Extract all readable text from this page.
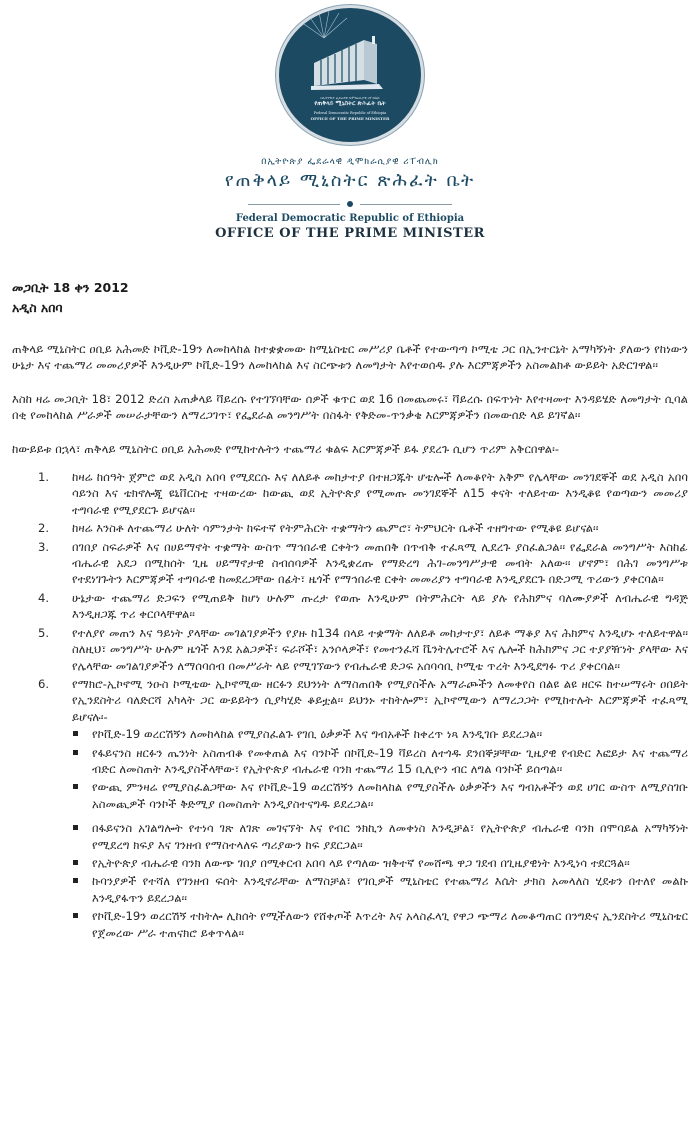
በኢትዮጵያ ፌደራላዊ ዲሞክራሲያዊ ሪፐብሊክ
የጠቅላይ ሚኒስትር ጽሕፈት ቤት
Federal Democratic Republic of Ethiopia
OFFICE OF THE PRIME MINISTER
በኢትዮጵያ ፌደራላዊ ዲሞክራሲያዊ ሪፐብሊክ
የጠቅላይ ሚኒስትር ጽሕፈት ቤት
Federal Democratic Republic of Ethiopia
OFFICE OF THE PRIME MINISTER
መጋቢት 18 ቀን 2012
አዲስ አበባ

ጠቅላይ ሚኒስትር ዐቢይ አሕመድ ኮቪድ-19ን ለመከላከል ከተቋቋመው ከሚኒስቴር መሥሪያ ቤቶች የተውጣጣ ኮሚቴ ጋር በኢንተርኔት አማካኝነት ያለውን የከነውን ሁኔታ እና ተጨማሪ መመሪያዎች እንዲሁም ኮቪድ-19ን ለመከላከል እና ስርጭቱን ለመግታት እየተወሰዱ ያሉ እርምጃዎችን አስመልክቶ ውይይት አድርገዋል፡፡

እስከ ዛሬ መጋቢት 18፣ 2012 ድረስ አጠቃላይ ቫይረሱ የተገኘባቸው ሰዎች ቁጥር ወደ 16 በመጨመሩ፣ ቫይረሱ በፍጥነት እየተዛመተ እንዳይሄድ ለመግታት ሲባል በቂ የመከላከል ሥራዎች መሠራታቸውን ለማረጋገጥ፣ የፌደራል መንግሥት በስፋት የቅድመ-ጥንቃቄ እርምጃዎችን በመውሰድ ላይ ይገኛል፡፡

ከውይይቱ በኋላ፣ ጠቅላይ ሚኒስትር ዐቢይ አሕመድ የሚከተሉትን ተጨማሪ ቁልፍ እርምጃዎች ይፋ ያደረጉ ሲሆን ጥሪም አቅርበዋል፡-

ከዛሬ ከሰዓት ጀምሮ ወደ አዲስ አበባ የሚደርሱ እና ለለይቶ መከታተያ በተዘጋጁት ሆቴሎች ለመቆየት አቅም የሌላቸው መንገደኞች ወደ አዲስ አበባ ሳይንስ እና ቴክኖሎጂ ዩኒቨርስቲ ተዛውረው ከውጪ ወደ ኢትዮጵያ የሚመጡ መንገደኞች ለ15 ቀናት ተለይተው እንዲቆዩ የወጣውን መመሪያ ተግባራዊ የሚያደርጉ ይሆናል፡፡
ከዛሬ እንስቶ ለተጨማሪ ሁለት ሳምንታት ከፍተኛ የትምሕርት ተቋማትን ጨምሮ፣ ትምህርት ቤቶች ተዘግተው የሚቆዩ ይሆናል፡፡
በገበያ ስፍራዎች እና በሀይማኖት ተቋማት ውስጥ ማኅበራዊ ርቀትን መጠበቅ በጥብቅ ተፈጻሚ ሊደረጉ ያስፈልጋል፡፡ የፌደራል መንግሥት እስከፊ ብሔራዊ አደጋ በሚከሰት ጊዜ ሀይማኖታዊ ስብሰባዎች እንዲቋረጡ የማድረግ ሕገ-መንግሥታዊ መብት አለው፡፡ ሆኖም፣ በሕገ መንግሥቱ የተደነገጉትን እርምጃዎች ተግባራዊ ከመደረጋቸው በፊት፣ ዜጎች የማኅበራዊ ርቀት መመሪያን ተግባራዊ እንዲያደርጉ በድጋሚ ጥሪውን ያቀርባል፡፡
ሁኔታው ተጨማሪ ድጋፍን የሚጠይቅ ከሆነ ሁሉም ጡረታ የወጡ እንዲሁም በትምሕርት ላይ ያሉ የሕክምና ባለሙያዎች ለብሔራዊ ግዳጅ እንዲዘጋጁ ጥሪ ቀርቦላቸዋል፡፡
የተለያየ መጠን እና ዓይነት ያላቸው መገልገያዎችን የያዙ ከ134 በላይ ተቋማት ለለይቶ መከታተያ፣ ለይቶ ማቆያ እና ሕክምና እንዲሆኑ ተለይተዋል፡፡ ስለዚህ፣ መንግሥት ሁሉም ዜጎች እንደ አልጋዎች፣ ፍራሾች፣ አንሶላዎች፣ የመተንፈሻ ቬንትሌተሮች እና ሌሎች ከሕክምና ጋር ተያያዥነት ያላቸው እና የሌላቸው መገልገያዎችን ለማሰባሰብ በመሥራት ላይ የሚገኘውን የብሔራዊ ድጋፍ አሰባሳቢ ኮሚቴ ጥረት እንዲደግፉ ጥሪ ያቀርባል፡፡
የማክሮ-ኢኮኖሚ ንዑስ ኮሚቴው ኢኮኖሚው ዘርፉን ደህንነት ለማስጠበቅ የሚያስችሉ አማራጮችን ለመቀየስ በልዩ ልዩ ዘርፍ ከተሠማሩት ዐበይት የኢንደስትሪ ባለድርሻ አካላት ጋር ውይይትን ሲያካሂድ ቆይቷል፡፡ ይህንኑ ተከትሎም፣ ኢኮኖሚውን ለማረጋጋት የሚከተሉት እርምጃዎች ተፈጻሚ ይሆናሉ፡-
የኮቪድ-19 ወረርሽኝን ለመከላከል የሚያስፈልጉ የገቢ ዕቃዎች እና ግብአቶች ከቀረጥ ነጻ እንዲገቡ ይደረጋል፡፡
የፋይናንስ ዘርፉን ጤንነት አስጠብቆ የመቀጠል እና ባንኮች በኮቪድ-19 ቫይረስ ለተጎዱ ደንበኞቻቸው ጊዜያዊ የብድር እፎይታ እና ተጨማሪ ብድር ለመስጠት እንዲያስችላቸው፣ የኢትዮጵያ ብሔራዊ ባንክ ተጨማሪ 15 ቢሊዮን ብር ለግል ባንኮች ይሰጣል፡፡
የውጪ ምንዛሬ የሚያስፈልጋቸው እና የኮቪድ-19 ወረርሽኝን ለመከላከል የሚያስችሉ ዕቃዎችን እና ግብአቶችን ወደ ሀገር ውስጥ ለሚያስገቡ አስመጪዎች ባንኮች ቅድሚያ በመስጠት እንዲያስተናግዱ ይደረጋል፡፡
በፋይናንስ አገልግሎት የተነሳ ገጽ ለገጽ መገናኘት እና የብር ንክኪን ለመቀነስ እንዲቻል፣ የኢትዮጵያ ብሔራዊ ባንክ በሞባይል አማካኝነት የሚደረግ ክፍያ እና ገንዘብ የማስተላለፍ ጣሪያውን ከፍ ያደርጋል፡፡
የኢትዮጵያ ብሔራዊ ባንክ ለውጭ ገበያ በሚቀርብ አበባ ላይ የጣለው ዝቅተኛ የመሸጫ ዋጋ ገደብ በጊዜያዊነት እንዲነሳ ተደርጓል፡፡
ኩባንያዎች የተሻለ የገንዘብ ፍሰት እንዲኖራቸው ለማስቻል፣ የገቢዎች ሚኒስቴር የተጨማሪ እሴት ታክስ አመላለስ ሂደቱን በተለየ መልኩ እንዲያፋጥን ይደረጋል፡፡
የኮቪድ-19ን ወረርሽኝ ተከትሎ ሊከሰት የሚችለውን የሸቀጦች እጥረት እና አላስፈላጊ የዋጋ ጭማሪ ለመቆጣጠር በንግድና ኢንደስትሪ ሚኒስቴር የጀመረው ሥራ ተጠናክሮ ይቀጥላል፡፡
